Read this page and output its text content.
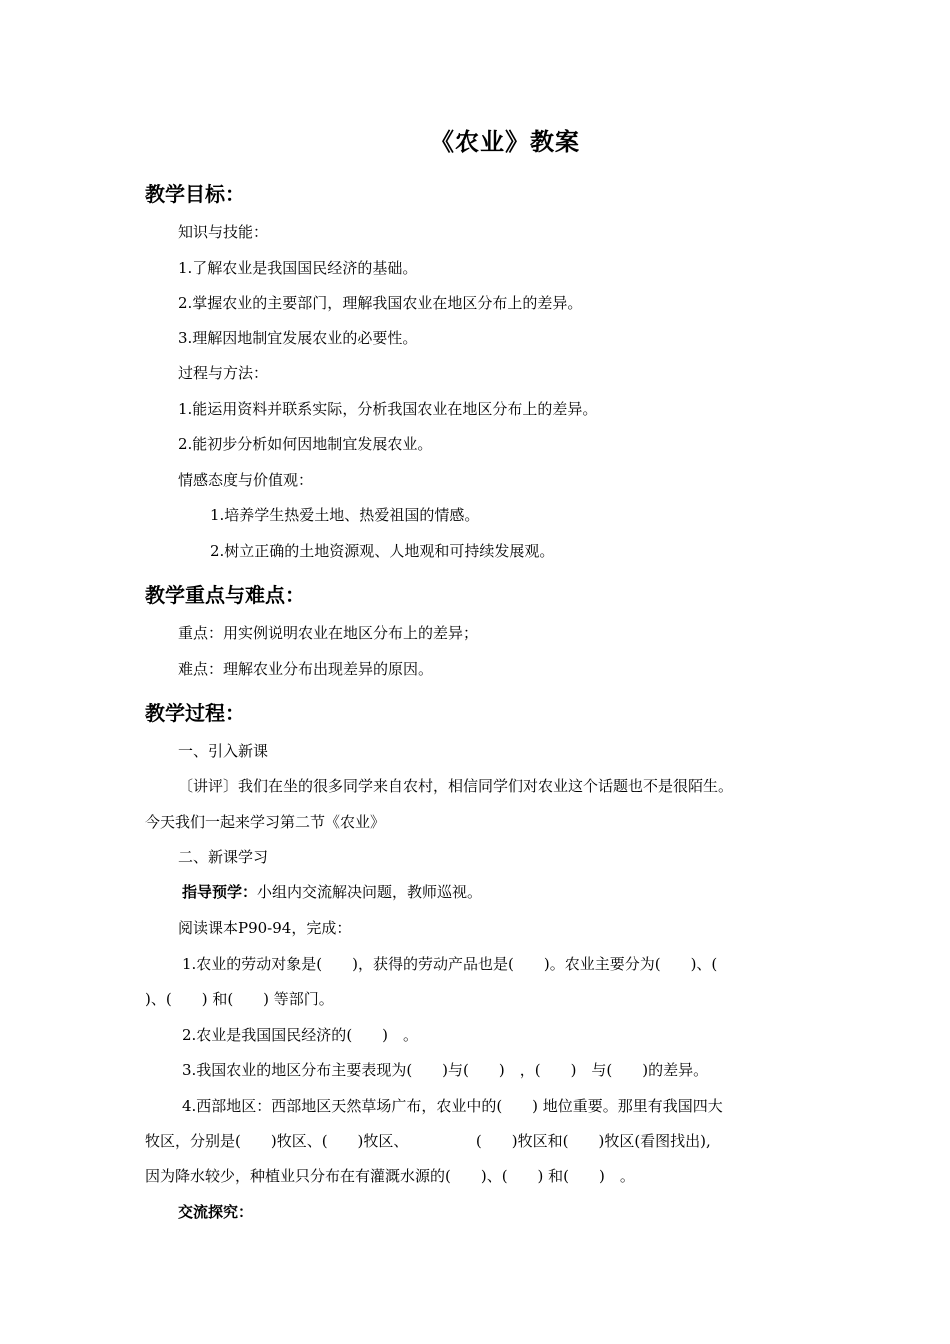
《农业》教案
教学目标：
知识与技能：
1.了解农业是我国国民经济的基础。
2.掌握农业的主要部门，理解我国农业在地区分布上的差异。
3.理解因地制宜发展农业的必要性。
过程与方法：
1.能运用资料并联系实际，分析我国农业在地区分布上的差异。
2.能初步分析如何因地制宜发展农业。
情感态度与价值观：
1.培养学生热爱土地、热爱祖国的情感。
2.树立正确的土地资源观、人地观和可持续发展观。
教学重点与难点：
重点：用实例说明农业在地区分布上的差异；
难点：理解农业分布出现差异的原因。
教学过程：
一、引入新课
〔讲评〕我们在坐的很多同学来自农村，相信同学们对农业这个话题也不是很陌生。
今天我们一起来学习第二节《农业》
二、新课学习
指导预学：小组内交流解决问题，教师巡视。
阅读课本P90-94，完成：
1.农业的劳动对象是(　　)，获得的劳动产品也是(　　)。农业主要分为(　　)、(
)、(　　) 和(　　) 等部门。
2.农业是我国国民经济的(　　)　。
3.我国农业的地区分布主要表现为(　　)与(　　)　，(　　)　与(　　)的差异。
4.西部地区：西部地区天然草场广布，农业中的(　　) 地位重要。那里有我国四大
牧区，分别是(　　)牧区、(　　)牧区、　　　　　(　　)牧区和(　　)牧区(看图找出),
因为降水较少，种植业只分布在有灌溉水源的(　　)、(　　) 和(　　)　。
交流探究：
